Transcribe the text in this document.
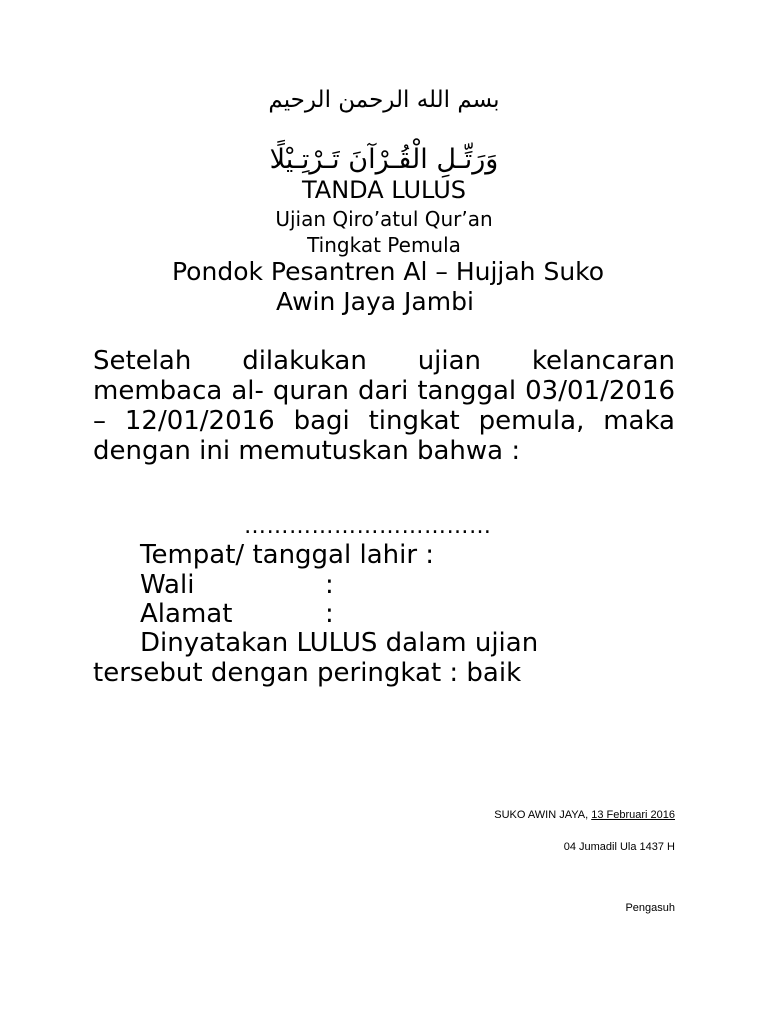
بسم الله الرحمن الرحيم
وَرَتِّـلِ الْقُـرْآنَ تَـرْتِـيْلًا
TANDA LULUS
Ujian Qiro’atul Qur’an
Tingkat Pemula
Pondok Pesantren Al – Hujjah Suko
Awin Jaya Jambi

Setelah dilakukan ujian kelancaran membaca al- quran dari tanggal 03/01/2016 – 12/01/2016 bagi tingkat pemula, maka dengan ini memutuskan bahwa :

……………………………
Tempat/ tanggal lahir :
Wali	:
Alamat	:
Dinyatakan LULUS dalam ujian
tersebut dengan peringkat : baik
SUKO AWIN JAYA, 13 Februari 2016
04 Jumadil Ula 1437 H
Pengasuh
